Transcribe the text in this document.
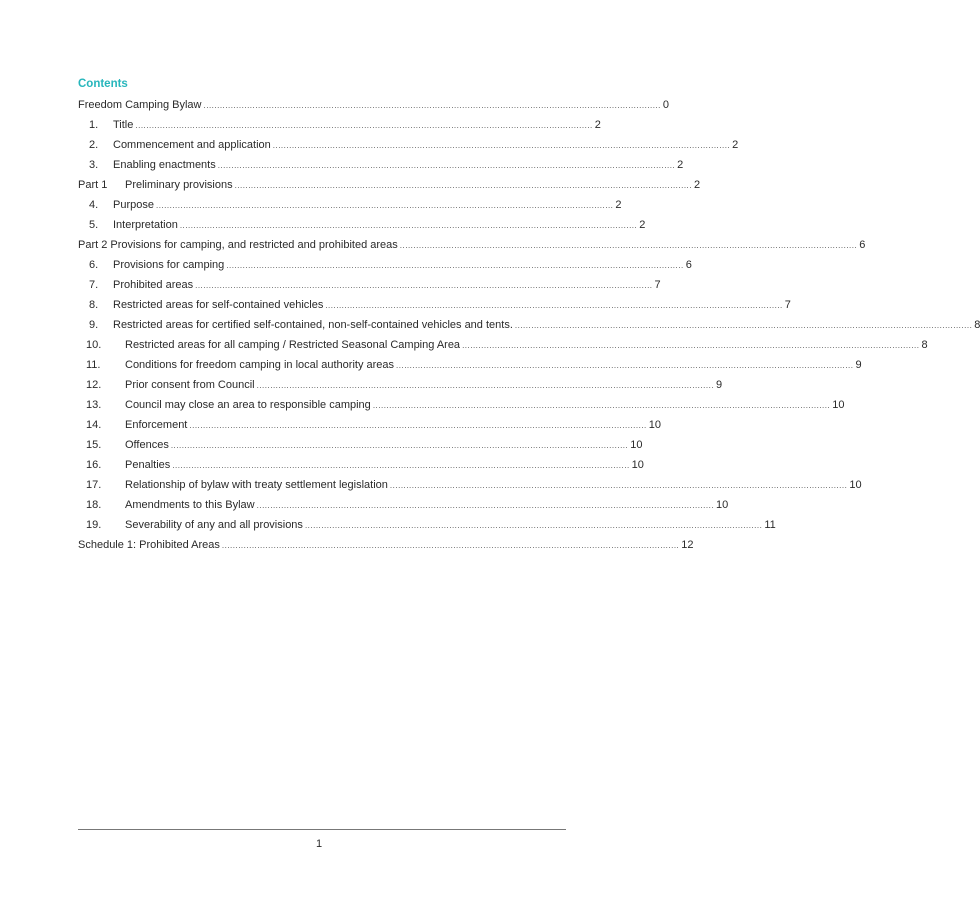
Contents
Freedom Camping Bylaw ........................................................................................................................................................................ 0
1. Title ........................................................................................................................................................................ 2
2. Commencement and application ........................................................................................................................................................................ 2
3. Enabling enactments ........................................................................................................................................................................ 2
Part 1 Preliminary provisions ........................................................................................................................................................................ 2
4. Purpose ........................................................................................................................................................................ 2
5. Interpretation ........................................................................................................................................................................ 2
Part 2 Provisions for camping, and restricted and prohibited areas ........................................................................................................................................................................ 6
6. Provisions for camping ........................................................................................................................................................................ 6
7. Prohibited areas ........................................................................................................................................................................ 7
8. Restricted areas for self-contained vehicles ........................................................................................................................................................................ 7
9. Restricted areas for certified self-contained, non-self-contained vehicles and tents. ........................................................................................................................................................................ 8
10. Restricted areas for all camping / Restricted Seasonal Camping Area ........................................................................................................................................................................ 8
11. Conditions for freedom camping in local authority areas ........................................................................................................................................................................ 9
12. Prior consent from Council ........................................................................................................................................................................ 9
13. Council may close an area to responsible camping ........................................................................................................................................................................ 10
14. Enforcement ........................................................................................................................................................................ 10
15. Offences ........................................................................................................................................................................ 10
16. Penalties ........................................................................................................................................................................ 10
17. Relationship of bylaw with treaty settlement legislation ........................................................................................................................................................................ 10
18. Amendments to this Bylaw ........................................................................................................................................................................ 10
19. Severability of any and all provisions ........................................................................................................................................................................ 11
Schedule 1: Prohibited Areas ........................................................................................................................................................................ 12
1
